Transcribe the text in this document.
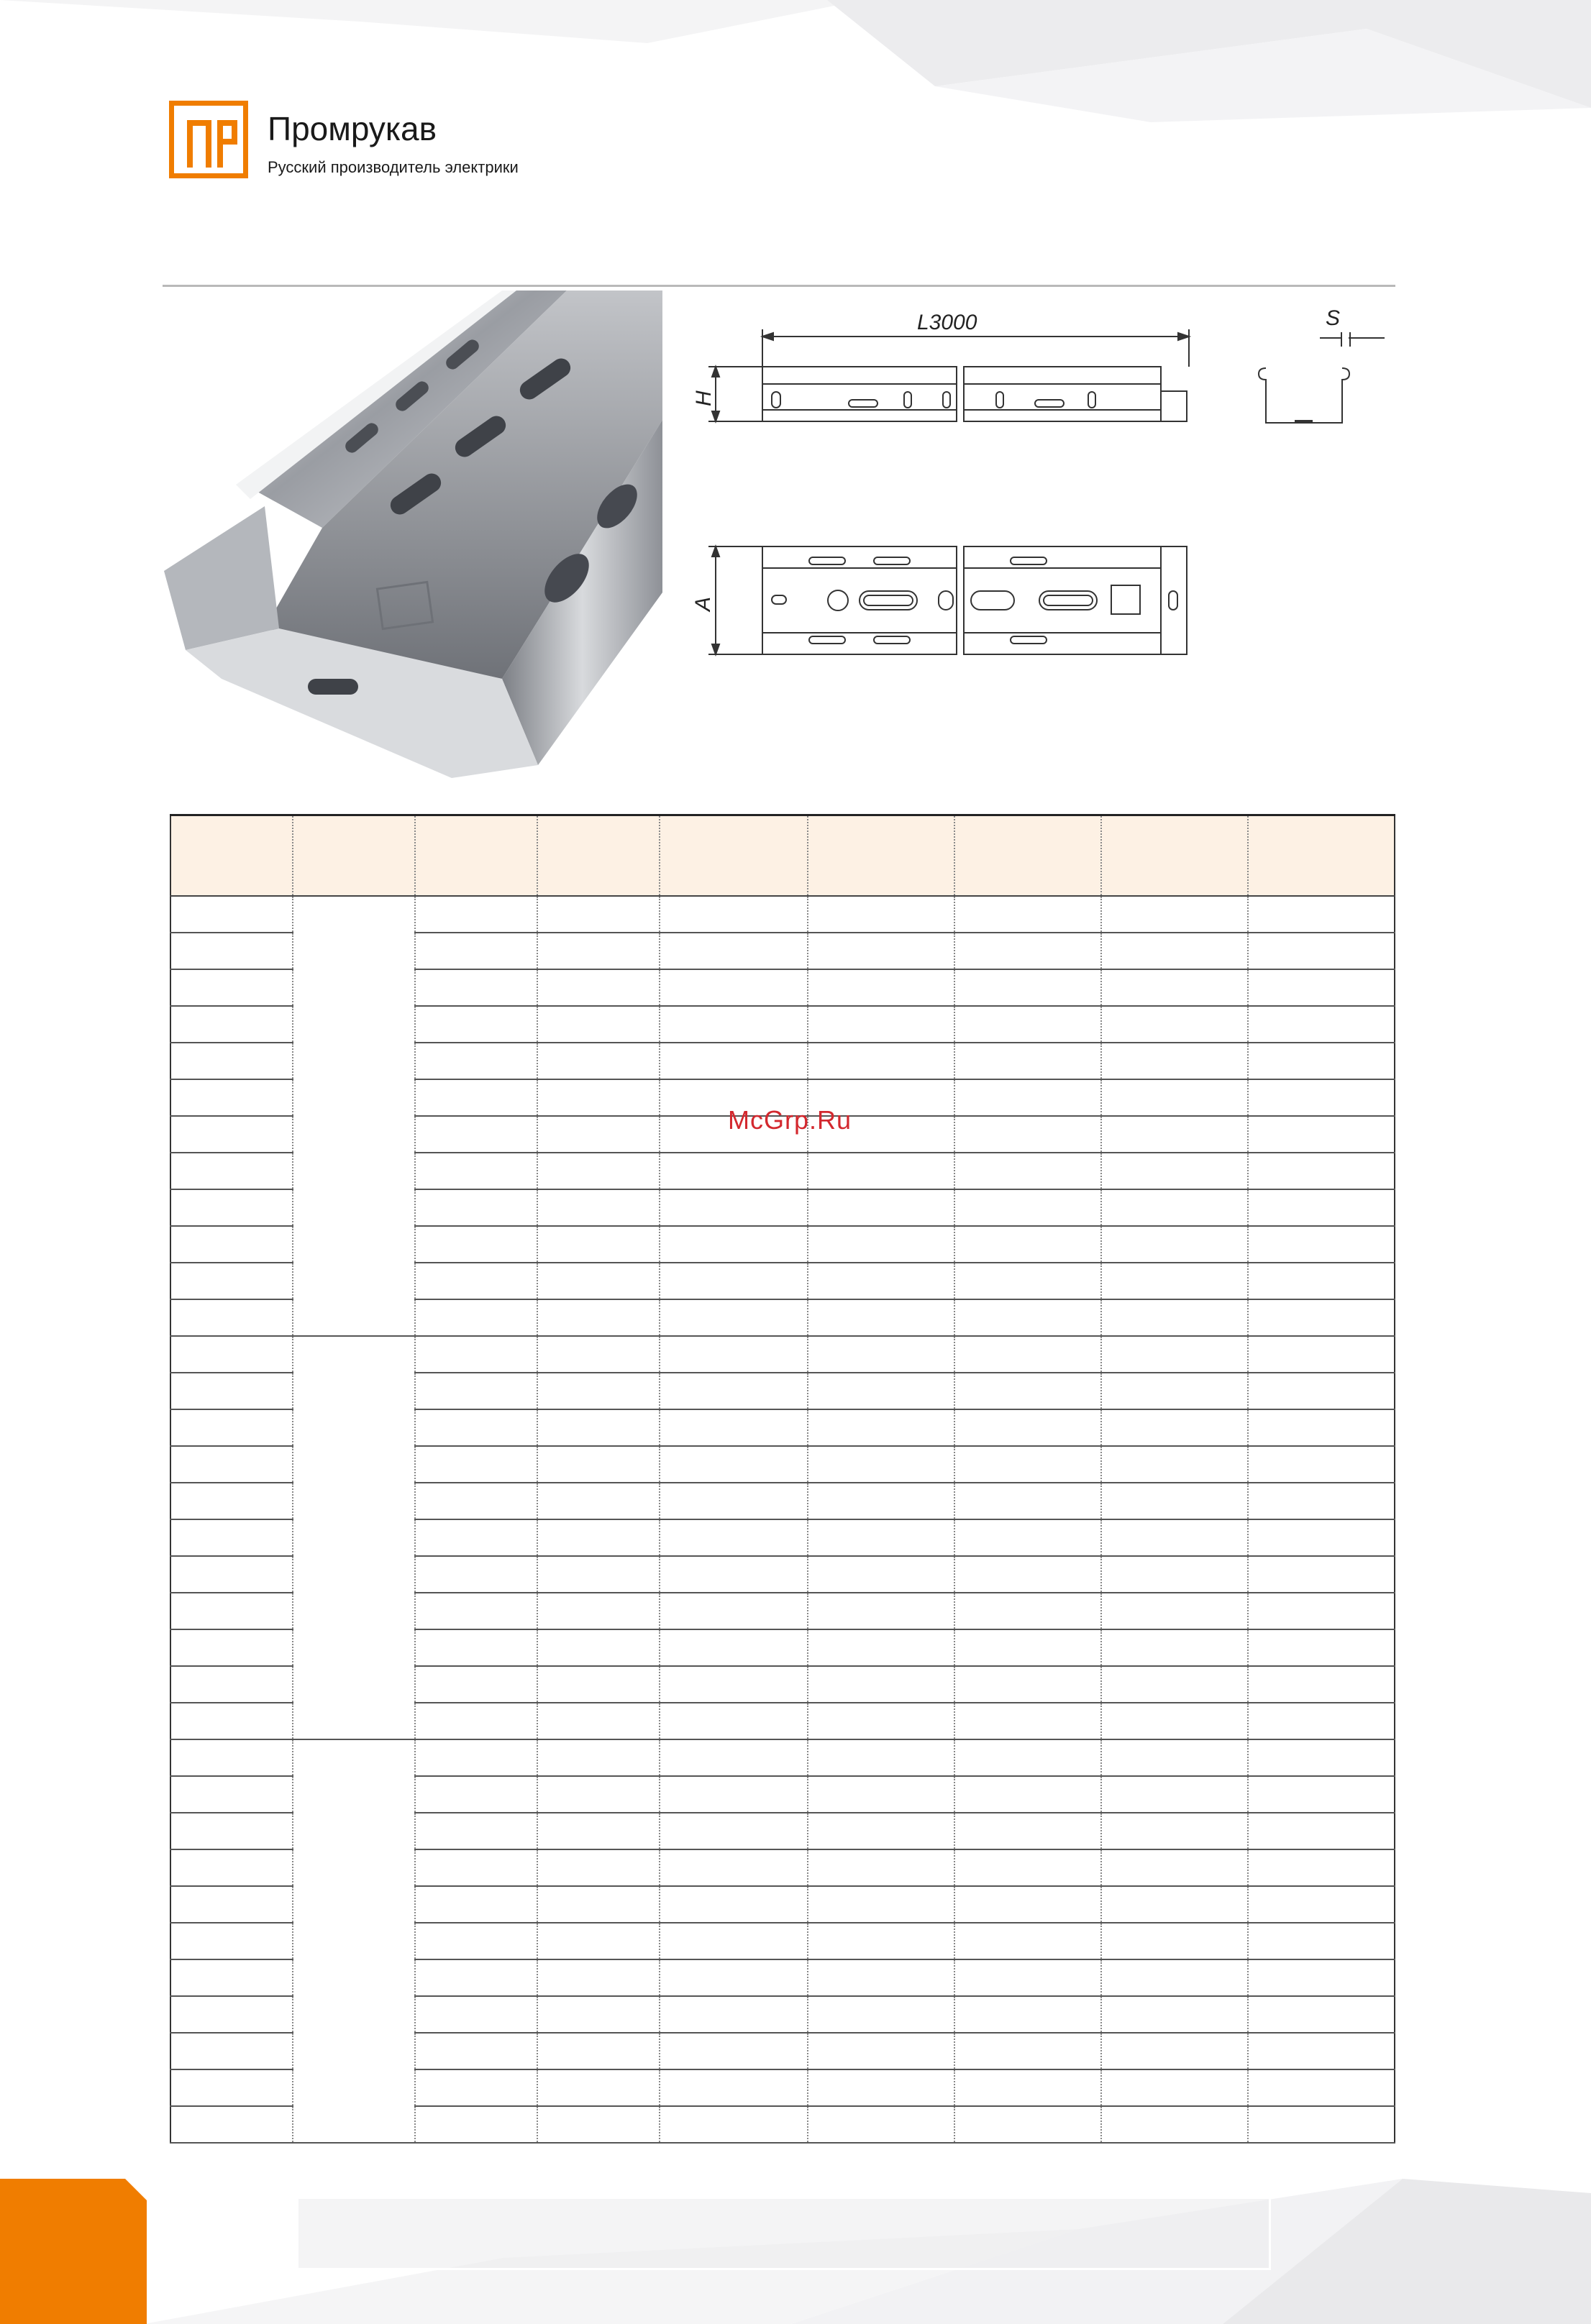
Промрукав
Русский производитель электрики
L3000
H
A
S

McGrp.Ru
